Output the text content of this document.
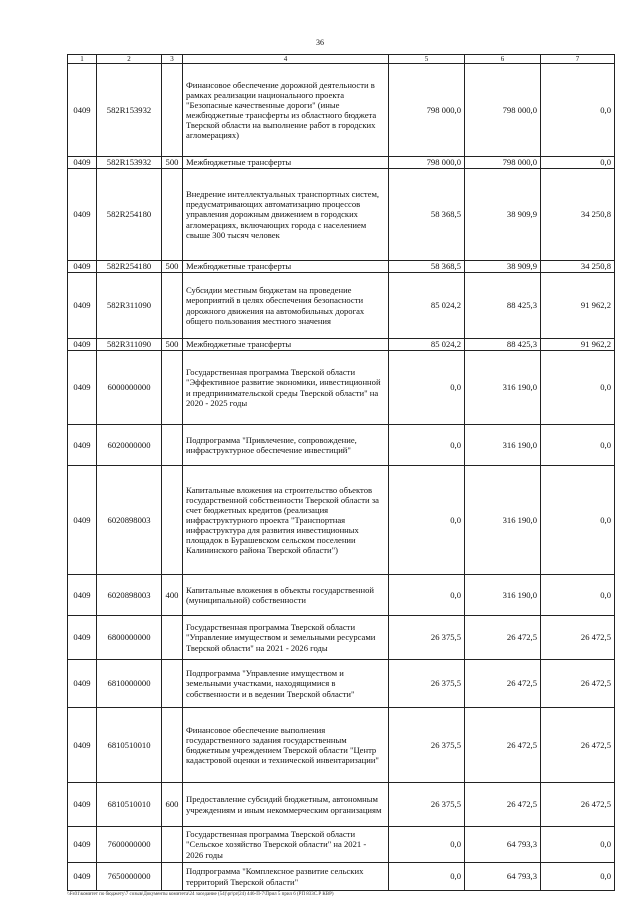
36
1	2	3	4	5	6	7
0409	582R153932		Финансовое обеспечение дорожной деятельности в рамках реализации национального проекта "Безопасные качественные дороги" (иные межбюджетные трансферты из областного бюджета Тверской области на выполнение работ в городских агломерациях)	798 000,0	798 000,0	0,0
0409	582R153932	500	Межбюджетные трансферты	798 000,0	798 000,0	0,0
0409	582R254180		Внедрение интеллектуальных транспортных систем, предусматривающих автоматизацию процессов управления дорожным движением в городских агломерациях, включающих города с населением свыше 300 тысяч человек	58 368,5	38 909,9	34 250,8
0409	582R254180	500	Межбюджетные трансферты	58 368,5	38 909,9	34 250,8
0409	582R311090		Субсидии местным бюджетам на проведение мероприятий в целях обеспечения безопасности дорожного движения на автомобильных дорогах общего пользования местного значения	85 024,2	88 425,3	91 962,2
0409	582R311090	500	Межбюджетные трансферты	85 024,2	88 425,3	91 962,2
0409	6000000000		Государственная программа Тверской области "Эффективное развитие экономики, инвестиционной и предпринимательской среды Тверской области" на 2020 - 2025 годы	0,0	316 190,0	0,0
0409	6020000000		Подпрограмма "Привлечение, сопровождение, инфраструктурное обеспечение инвестиций"	0,0	316 190,0	0,0
0409	6020898003		Капитальные вложения на строительство объектов государственной собственности Тверской области за счет бюджетных кредитов (реализация инфраструктурного проекта "Транспортная инфраструктура для развития инвестиционных площадок в Бурашевском сельском поселении Калининского района Тверской области")	0,0	316 190,0	0,0
0409	6020898003	400	Капитальные вложения в объекты государственной (муниципальной) собственности	0,0	316 190,0	0,0
0409	6800000000		Государственная программа Тверской области "Управление имуществом и земельными ресурсами Тверской области" на 2021 - 2026 годы	26 375,5	26 472,5	26 472,5
0409	6810000000		Подпрограмма "Управление имуществом и земельными участками, находящимися в собственности и в ведении Тверской области"	26 375,5	26 472,5	26 472,5
0409	6810510010		Финансовое обеспечение выполнения государственного задания государственным бюджетным учреждением Тверской области "Центр кадастровой оценки и технической инвентаризации"	26 375,5	26 472,5	26 472,5
0409	6810510010	600	Предоставление субсидий бюджетным, автономным учреждениям и иным некоммерческим организациям	26 375,5	26 472,5	26 472,5
0409	7600000000		Государственная программа Тверской области "Сельское хозяйство Тверской области" на 2021 - 2026 годы	0,0	64 793,3	0,0
0409	7650000000		Подпрограмма "Комплексное развитие сельских территорий Тверской области"	0,0	64 793,3	0,0
\\Fs01\комитет по бюджету\7 созыв\Документы комитета\24 заседание (54)\pr\pr(24) 446-П-7\Прил 5 прил 6 (РП 833С.Р КВР)
